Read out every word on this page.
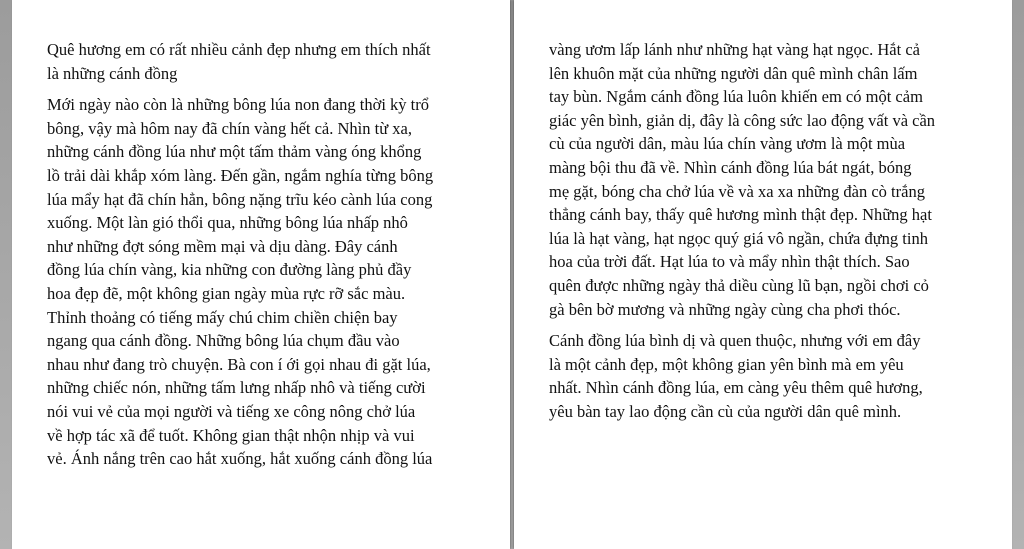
Quê hương em có rất nhiều cảnh đẹp nhưng em thích nhất
là những cánh đồng
Mới ngày nào còn là những bông lúa non đang thời kỳ trổ
bông, vậy mà hôm nay đã chín vàng hết cả. Nhìn từ xa,
những cánh đồng lúa như một tấm thảm vàng óng khổng
lồ trải dài khắp xóm làng. Đến gần, ngắm nghía từng bông
lúa mẩy hạt đã chín hẳn, bông nặng trĩu kéo cành lúa cong
xuống. Một làn gió thổi qua, những bông lúa nhấp nhô
như những đợt sóng mềm mại và dịu dàng. Đây cánh
đồng lúa chín vàng, kia những con đường làng phủ đầy
hoa đẹp đẽ, một không gian ngày mùa rực rỡ sắc màu.
Thỉnh thoảng có tiếng mấy chú chim chiền chiện bay
ngang qua cánh đồng. Những bông lúa chụm đầu vào
nhau như đang trò chuyện. Bà con í ới gọi nhau đi gặt lúa,
những chiếc nón, những tấm lưng nhấp nhô và tiếng cười
nói vui vẻ của mọi người và tiếng xe công nông chở lúa
về hợp tác xã để tuốt. Không gian thật nhộn nhịp và vui
vẻ. Ánh nắng trên cao hắt xuống, hắt xuống cánh đồng lúa
vàng ươm lấp lánh như những hạt vàng hạt ngọc. Hắt cả
lên khuôn mặt của những người dân quê mình chân lấm
tay bùn. Ngắm cánh đồng lúa luôn khiến em có một cảm
giác yên bình, giản dị, đây là công sức lao động vất và cần
cù của người dân, màu lúa chín vàng ươm là một mùa
màng bội thu đã về. Nhìn cánh đồng lúa bát ngát, bóng
mẹ gặt, bóng cha chở lúa về và xa xa những đàn cò trắng
thẳng cánh bay, thấy quê hương mình thật đẹp. Những hạt
lúa là hạt vàng, hạt ngọc quý giá vô ngần, chứa đựng tinh
hoa của trời đất. Hạt lúa to và mẩy nhìn thật thích. Sao
quên được những ngày thả diều cùng lũ bạn, ngồi chơi cỏ
gà bên bờ mương và những ngày cùng cha phơi thóc.
Cánh đồng lúa bình dị và quen thuộc, nhưng với em đây
là một cảnh đẹp, một không gian yên bình mà em yêu
nhất. Nhìn cánh đồng lúa, em càng yêu thêm quê hương,
yêu bàn tay lao động cần cù của người dân quê mình.
